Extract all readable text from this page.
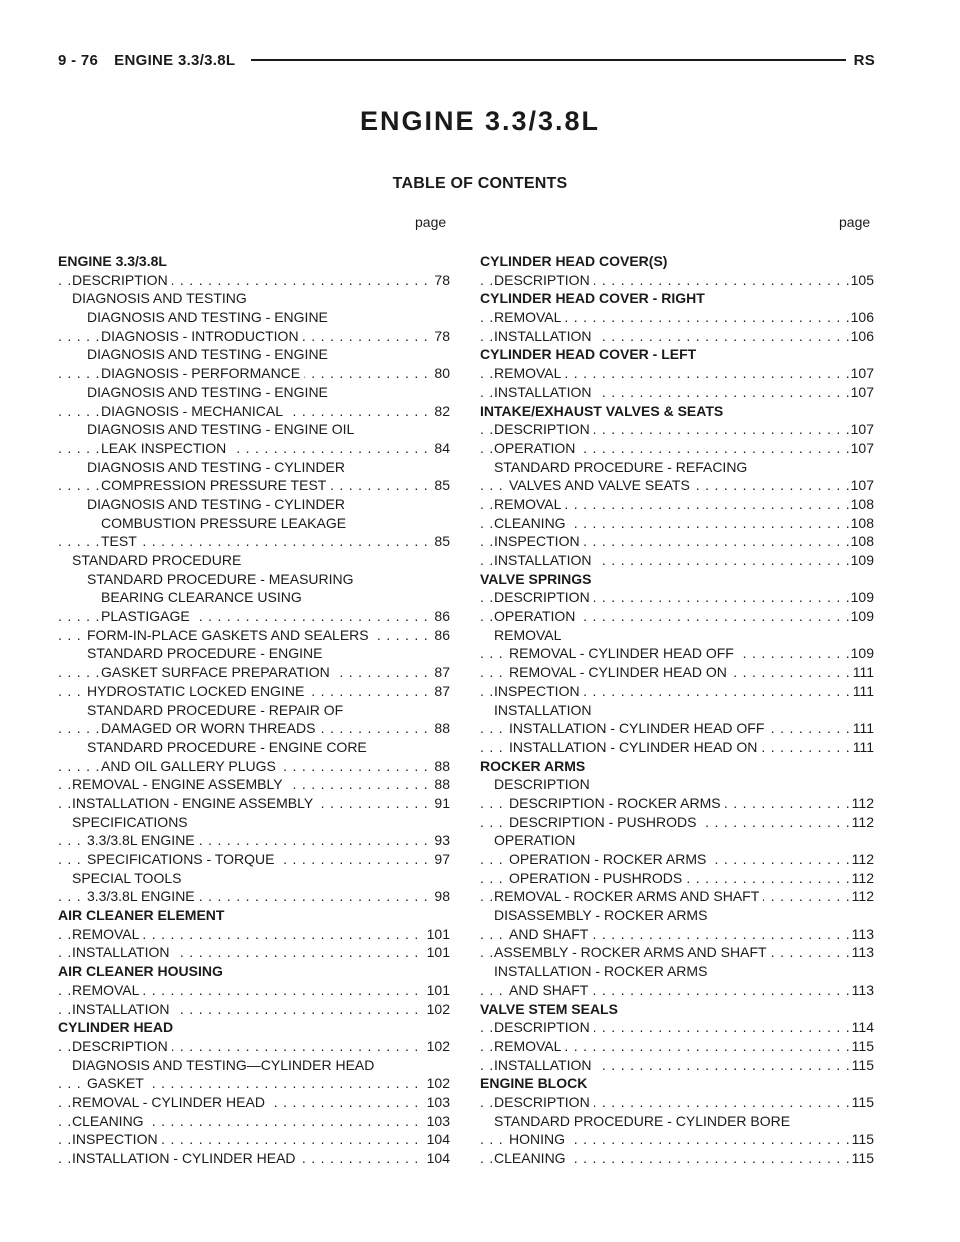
9 - 76 ENGINE 3.3/3.8L	RS
ENGINE 3.3/3.8L
TABLE OF CONTENTS
page	page
ENGINE 3.3/3.8L
DESCRIPTION	78
. . .
DIAGNOSIS AND TESTING
DIAGNOSIS AND TESTING - ENGINE
DIAGNOSIS - INTRODUCTION	78
. . .
DIAGNOSIS AND TESTING - ENGINE
DIAGNOSIS - PERFORMANCE	80
. . .
DIAGNOSIS AND TESTING - ENGINE
DIAGNOSIS - MECHANICAL	82
. . .
DIAGNOSIS AND TESTING - ENGINE OIL
LEAK INSPECTION	84
. . .
DIAGNOSIS AND TESTING - CYLINDER
COMPRESSION PRESSURE TEST	85
. . .
DIAGNOSIS AND TESTING - CYLINDER
COMBUSTION PRESSURE LEAKAGE
TEST	85
. . .
STANDARD PROCEDURE
STANDARD PROCEDURE - MEASURING
BEARING CLEARANCE USING
PLASTIGAGE	86
. . .
FORM-IN-PLACE GASKETS AND SEALERS	86
. . .
STANDARD PROCEDURE - ENGINE
GASKET SURFACE PREPARATION	87
. . .
HYDROSTATIC LOCKED ENGINE	87
. . .
STANDARD PROCEDURE - REPAIR OF
DAMAGED OR WORN THREADS	88
. . .
STANDARD PROCEDURE - ENGINE CORE
AND OIL GALLERY PLUGS	88
. . .
REMOVAL - ENGINE ASSEMBLY	88
. . .
INSTALLATION - ENGINE ASSEMBLY	91
. . .
SPECIFICATIONS
3.3/3.8L ENGINE	93
. . .
SPECIFICATIONS - TORQUE	97
. . .
SPECIAL TOOLS
3.3/3.8L ENGINE	98
. . .
AIR CLEANER ELEMENT
REMOVAL	101
. . .
INSTALLATION	101
. . .
AIR CLEANER HOUSING
REMOVAL	101
. . .
INSTALLATION	102
. . .
CYLINDER HEAD
DESCRIPTION	102
. . .
DIAGNOSIS AND TESTING—CYLINDER HEAD
GASKET	102
. . .
REMOVAL - CYLINDER HEAD	103
. . .
CLEANING	103
. . .
INSPECTION	104
. . .
INSTALLATION - CYLINDER HEAD	104
. . .
CYLINDER HEAD COVER(S)
DESCRIPTION	105
. . .
CYLINDER HEAD COVER - RIGHT
REMOVAL	106
. . .
INSTALLATION	106
. . .
CYLINDER HEAD COVER - LEFT
REMOVAL	107
. . .
INSTALLATION	107
. . .
INTAKE/EXHAUST VALVES & SEATS
DESCRIPTION	107
. . .
OPERATION	107
. . .
STANDARD PROCEDURE - REFACING
VALVES AND VALVE SEATS	107
. . .
REMOVAL	108
. . .
CLEANING	108
. . .
INSPECTION	108
. . .
INSTALLATION	109
. . .
VALVE SPRINGS
DESCRIPTION	109
. . .
OPERATION	109
. . .
REMOVAL
REMOVAL - CYLINDER HEAD OFF	109
. . .
REMOVAL - CYLINDER HEAD ON	111
. . .
INSPECTION	111
. . .
INSTALLATION
INSTALLATION - CYLINDER HEAD OFF	111
. . .
INSTALLATION - CYLINDER HEAD ON	111
. . .
ROCKER ARMS
DESCRIPTION
DESCRIPTION - ROCKER ARMS	112
. . .
DESCRIPTION - PUSHRODS	112
. . .
OPERATION
OPERATION - ROCKER ARMS	112
. . .
OPERATION - PUSHRODS	112
. . .
REMOVAL - ROCKER ARMS AND SHAFT	112
. . .
DISASSEMBLY - ROCKER ARMS
AND SHAFT	113
. . .
ASSEMBLY - ROCKER ARMS AND SHAFT	113
. . .
INSTALLATION - ROCKER ARMS
AND SHAFT	113
. . .
VALVE STEM SEALS
DESCRIPTION	114
. . .
REMOVAL	115
. . .
INSTALLATION	115
. . .
ENGINE BLOCK
DESCRIPTION	115
. . .
STANDARD PROCEDURE - CYLINDER BORE
HONING	115
. . .
CLEANING	115
. . .
